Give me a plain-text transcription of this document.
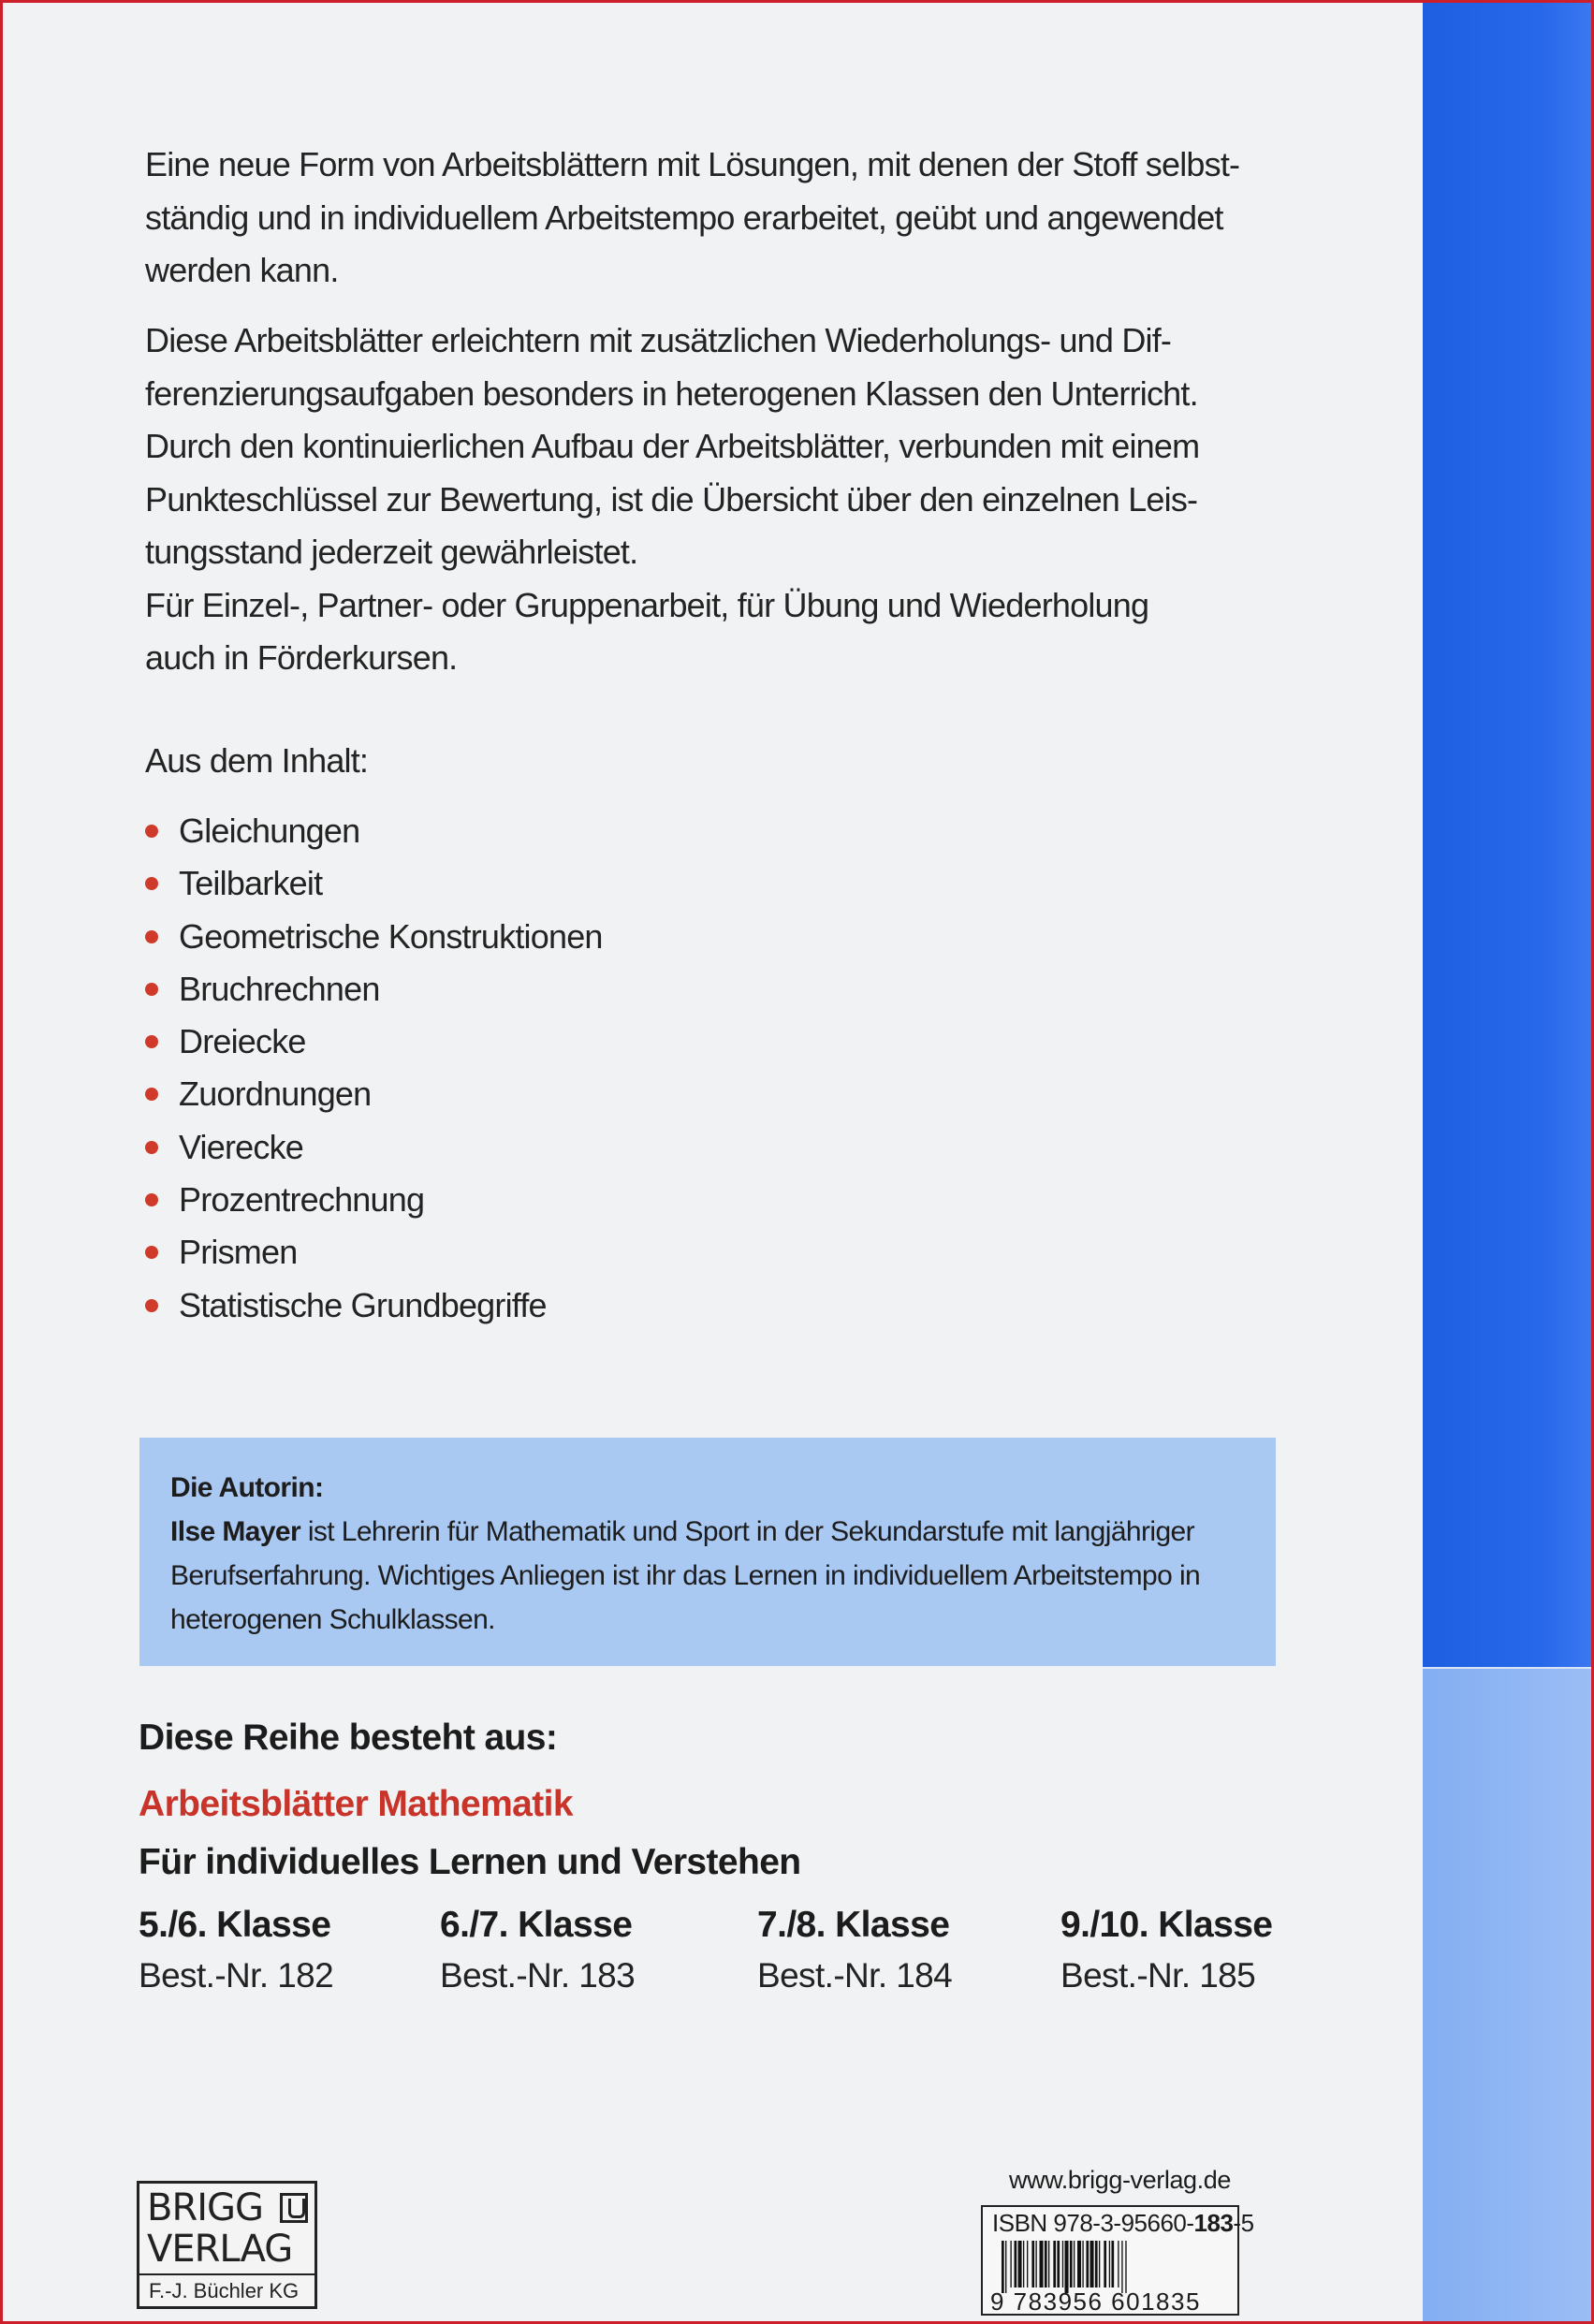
Eine neue Form von Arbeitsblättern mit Lösungen, mit denen der Stoff selbst-
ständig und in individuellem Arbeitstempo erarbeitet, geübt und angewendet
werden kann.
Diese Arbeitsblätter erleichtern mit zusätzlichen Wiederholungs- und Dif-
ferenzierungsaufgaben besonders in heterogenen Klassen den Unterricht.
Durch den kontinuierlichen Aufbau der Arbeitsblätter, verbunden mit einem
Punkteschlüssel zur Bewertung, ist die Übersicht über den einzelnen Leis-
tungsstand jederzeit gewährleistet.
Für Einzel-, Partner- oder Gruppenarbeit, für Übung und Wiederholung
auch in Förderkursen.
Aus dem Inhalt:
Gleichungen
Teilbarkeit
Geometrische Konstruktionen
Bruchrechnen
Dreiecke
Zuordnungen
Vierecke
Prozentrechnung
Prismen
Statistische Grundbegriffe
Die Autorin:
Ilse Mayer ist Lehrerin für Mathematik und Sport in der Sekundarstufe mit langjähriger
Berufserfahrung. Wichtiges Anliegen ist ihr das Lernen in individuellem Arbeitstempo in
heterogenen Schulklassen.
Diese Reihe besteht aus:
Arbeitsblätter Mathematik
Für individuelles Lernen und Verstehen
5./6. Klasse
Best.-Nr. 182
6./7. Klasse
Best.-Nr. 183
7./8. Klasse
Best.-Nr. 184
9./10. Klasse
Best.-Nr. 185
BRIGG
VERLAG
F.-J. Büchler KG
www.brigg-verlag.de
ISBN 978-3-95660-183-5
9 783956 601835
